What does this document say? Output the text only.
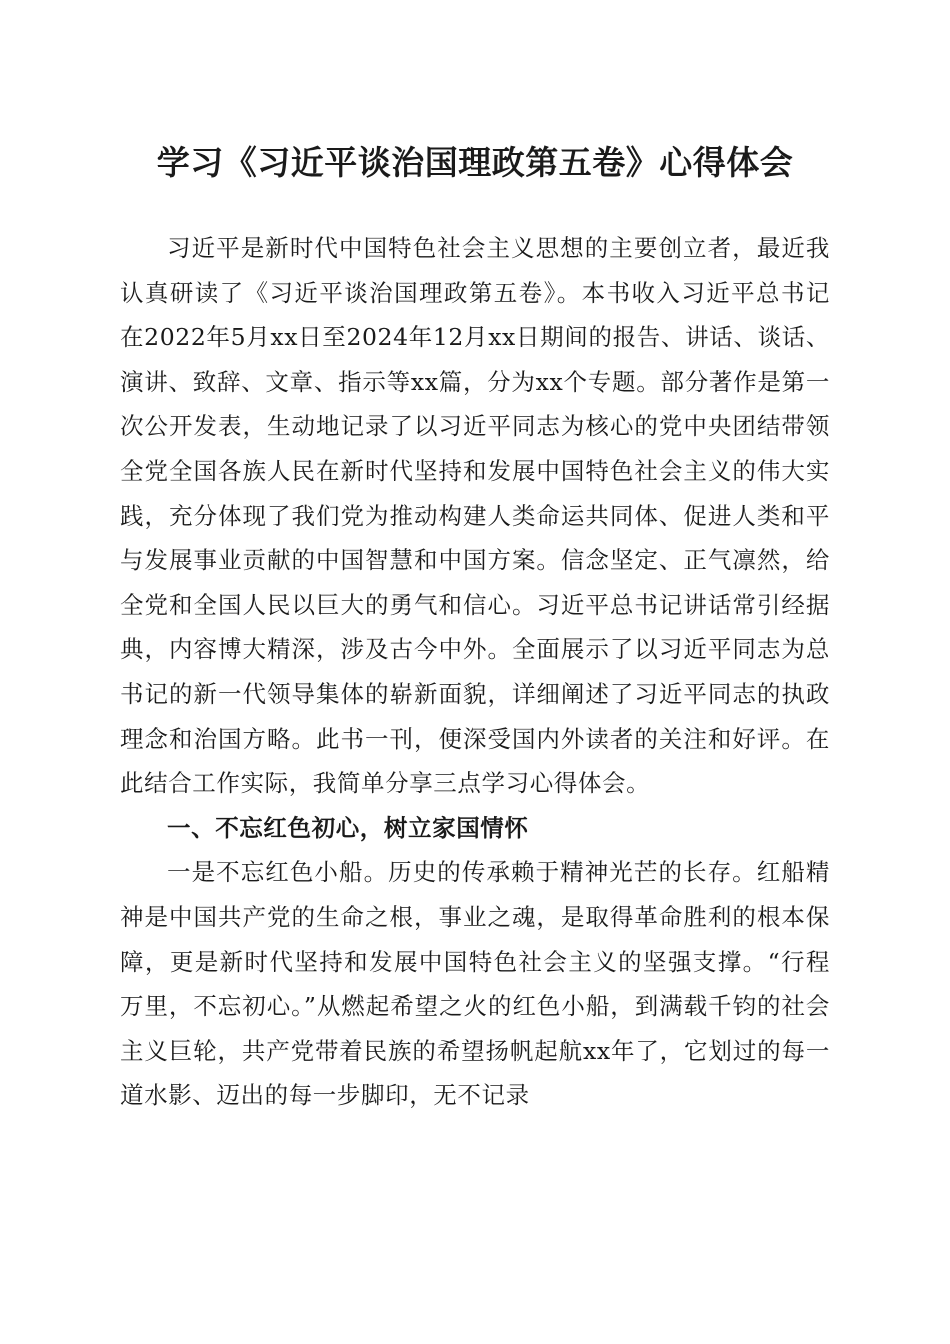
学习《习近平谈治国理政第五卷》心得体会

习近平是新时代中国特色社会主义思想的主要创立者，最近我认真研读了《习近平谈治国理政第五卷》。本书收入习近平总书记在2022年5月xx日至2024年12月xx日期间的报告、讲话、谈话、演讲、致辞、文章、指示等xx篇，分为xx个专题。部分著作是第一次公开发表，生动地记录了以习近平同志为核心的党中央团结带领全党全国各族人民在新时代坚持和发展中国特色社会主义的伟大实践，充分体现了我们党为推动构建人类命运共同体、促进人类和平与发展事业贡献的中国智慧和中国方案。信念坚定、正气凛然，给全党和全国人民以巨大的勇气和信心。习近平总书记讲话常引经据典，内容博大精深，涉及古今中外。全面展示了以习近平同志为总书记的新一代领导集体的崭新面貌，详细阐述了习近平同志的执政理念和治国方略。此书一刊，便深受国内外读者的关注和好评。在此结合工作实际，我简单分享三点学习心得体会。

一、不忘红色初心，树立家国情怀

一是不忘红色小船。历史的传承赖于精神光芒的长存。红船精神是中国共产党的生命之根，事业之魂，是取得革命胜利的根本保障，更是新时代坚持和发展中国特色社会主义的坚强支撑。“行程万里，不忘初心。”从燃起希望之火的红色小船，到满载千钧的社会主义巨轮，共产党带着民族的希望扬帆起航xx年了，它划过的每一道水影、迈出的每一步脚印，无不记录
